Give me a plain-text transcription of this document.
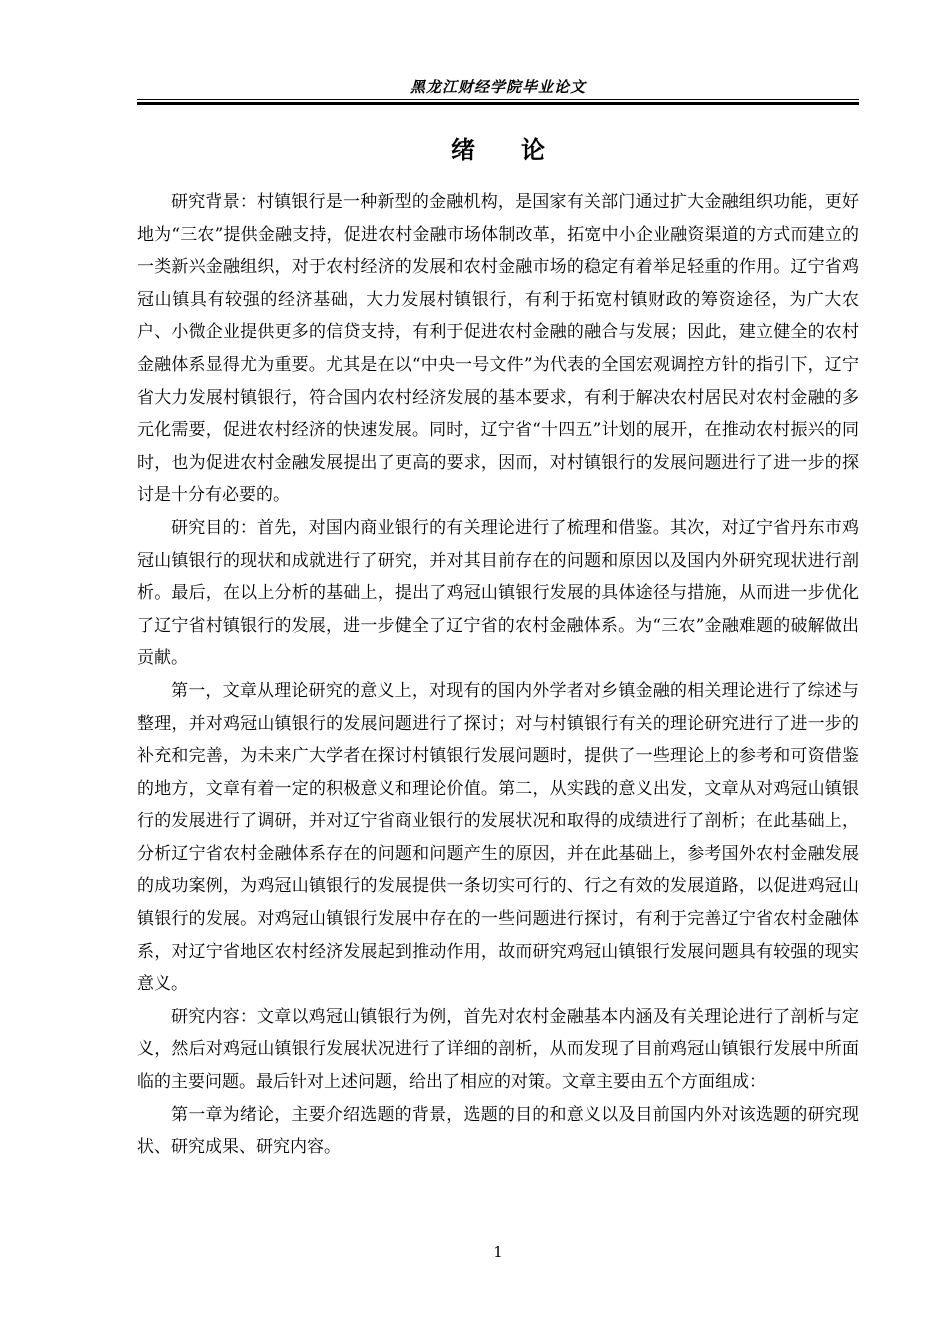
黑龙江财经学院毕业论文
绪 论

研究背景：村镇银行是一种新型的金融机构，是国家有关部门通过扩大金融组织功能，更好地为“三农”提供金融支持，促进农村金融市场体制改革，拓宽中小企业融资渠道的方式而建立的一类新兴金融组织，对于农村经济的发展和农村金融市场的稳定有着举足轻重的作用。辽宁省鸡冠山镇具有较强的经济基础，大力发展村镇银行，有利于拓宽村镇财政的筹资途径，为广大农户、小微企业提供更多的信贷支持，有利于促进农村金融的融合与发展；因此，建立健全的农村金融体系显得尤为重要。尤其是在以“中央一号文件”为代表的全国宏观调控方针的指引下，辽宁省大力发展村镇银行，符合国内农村经济发展的基本要求，有利于解决农村居民对农村金融的多元化需要，促进农村经济的快速发展。同时，辽宁省“十四五”计划的展开，在推动农村振兴的同时，也为促进农村金融发展提出了更高的要求，因而，对村镇银行的发展问题进行了进一步的探讨是十分有必要的。

研究目的：首先，对国内商业银行的有关理论进行了梳理和借鉴。其次，对辽宁省丹东市鸡冠山镇银行的现状和成就进行了研究，并对其目前存在的问题和原因以及国内外研究现状进行剖析。最后，在以上分析的基础上，提出了鸡冠山镇银行发展的具体途径与措施，从而进一步优化了辽宁省村镇银行的发展，进一步健全了辽宁省的农村金融体系。为“三农”金融难题的破解做出贡献。

第一，文章从理论研究的意义上，对现有的国内外学者对乡镇金融的相关理论进行了综述与整理，并对鸡冠山镇银行的发展问题进行了探讨；对与村镇银行有关的理论研究进行了进一步的补充和完善，为未来广大学者在探讨村镇银行发展问题时，提供了一些理论上的参考和可资借鉴的地方，文章有着一定的积极意义和理论价值。第二，从实践的意义出发，文章从对鸡冠山镇银行的发展进行了调研，并对辽宁省商业银行的发展状况和取得的成绩进行了剖析；在此基础上，分析辽宁省农村金融体系存在的问题和问题产生的原因，并在此基础上，参考国外农村金融发展的成功案例，为鸡冠山镇银行的发展提供一条切实可行的、行之有效的发展道路，以促进鸡冠山镇银行的发展。对鸡冠山镇银行发展中存在的一些问题进行探讨，有利于完善辽宁省农村金融体系，对辽宁省地区农村经济发展起到推动作用，故而研究鸡冠山镇银行发展问题具有较强的现实意义。

研究内容：文章以鸡冠山镇银行为例，首先对农村金融基本内涵及有关理论进行了剖析与定义，然后对鸡冠山镇银行发展状况进行了详细的剖析，从而发现了目前鸡冠山镇银行发展中所面临的主要问题。最后针对上述问题，给出了相应的对策。文章主要由五个方面组成：

第一章为绪论，主要介绍选题的背景，选题的目的和意义以及目前国内外对该选题的研究现状、研究成果、研究内容。

1
